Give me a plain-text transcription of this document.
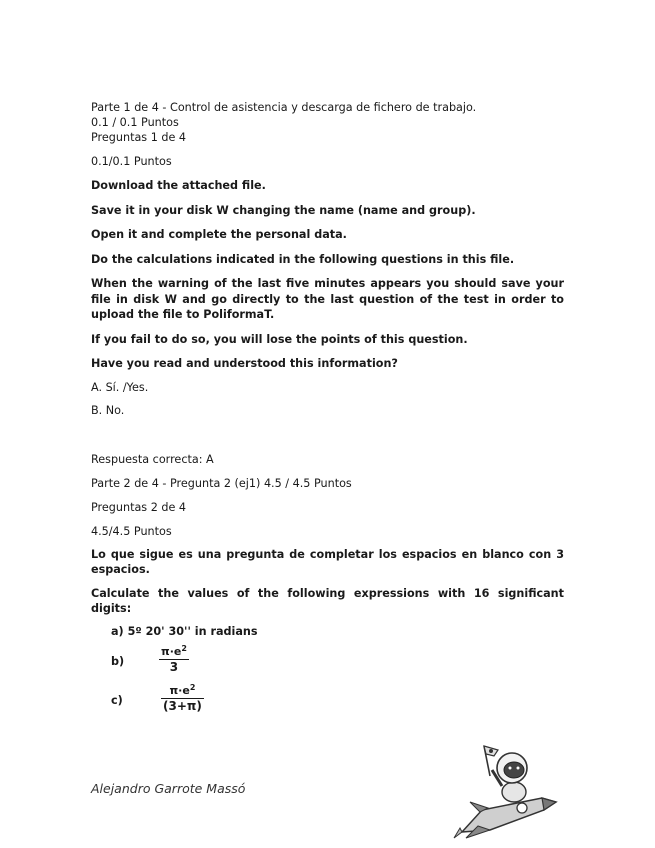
Parte 1 de 4 - Control de asistencia y descarga de fichero de trabajo.

0.1 / 0.1 Puntos

Preguntas 1 de 4

0.1/0.1 Puntos

Download the attached file.

Save it in your disk W changing the name (name and group).

Open it and complete the personal data.

Do the calculations indicated in the following questions in this file.

When the warning of the last five minutes appears you should save your file in disk W and go directly to the last question of the test in order to upload the file to PoliformaT.

If you fail to do so, you will lose the points of this question.

Have you read and understood this information?

A. Sí. /Yes.

B. No.

Respuesta correcta: A

Parte 2 de 4 - Pregunta 2 (ej1) 4.5 / 4.5 Puntos

Preguntas 2 de 4

4.5/4.5 Puntos

Lo que sigue es una pregunta de completar los espacios en blanco con 3 espacios.

Calculate the values of the following expressions with 16 significant digits:

a) 5º 20' 30'' in radians
b)
$\pi\cdot e^2$
3
c)
$\pi\cdot e^2$
(3+π)
Alejandro Garrote Massó
